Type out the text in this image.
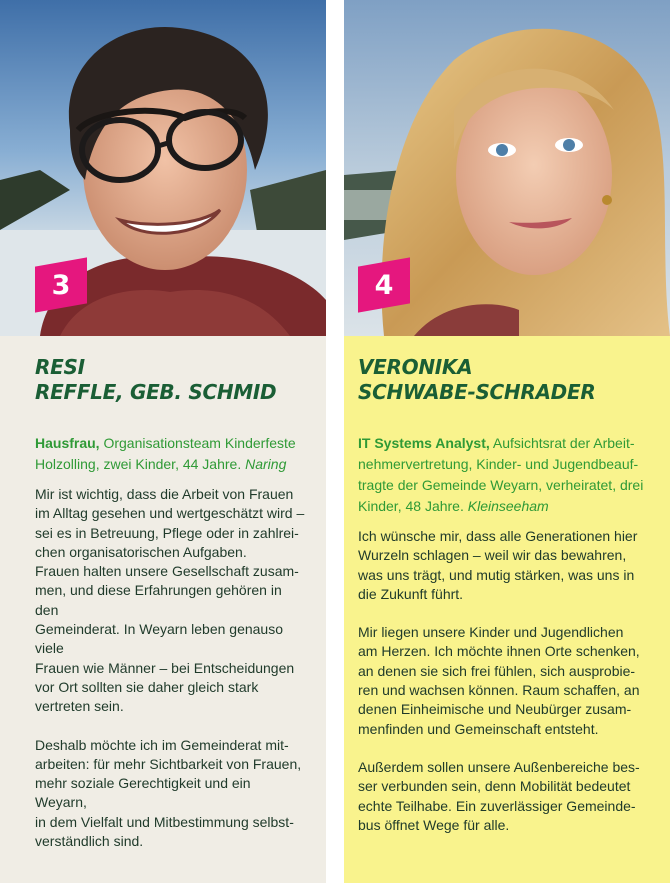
3
RESI
REFFLE, GEB. SCHMID
Hausfrau, Organisationsteam Kinderfeste Holzolling, zwei Kinder, 44 Jahre. Naring

Mir ist wichtig, dass die Arbeit von Frauen
im Alltag gesehen und wertgeschätzt wird –
sei es in Betreuung, Pflege oder in zahlrei-
chen organisatorischen Aufgaben.
Frauen halten unsere Gesellschaft zusam-
men, und diese Erfahrungen gehören in den
Gemeinderat. In Weyarn leben genauso viele
Frauen wie Männer – bei Entscheidungen
vor Ort sollten sie daher gleich stark
vertreten sein.

Deshalb möchte ich im Gemeinderat mit-
arbeiten: für mehr Sichtbarkeit von Frauen,
mehr soziale Gerechtigkeit und ein Weyarn,
in dem Vielfalt und Mitbestimmung selbst-
verständlich sind.

4
VERONIKA
SCHWABE-SCHRADER
IT Systems Analyst, Aufsichtsrat der Arbeit-nehmervertretung, Kinder- und Jugendbeauf-tragte der Gemeinde Weyarn, verheiratet, drei Kinder, 48 Jahre. Kleinseeham

Ich wünsche mir, dass alle Generationen hier
Wurzeln schlagen – weil wir das bewahren,
was uns trägt, und mutig stärken, was uns in
die Zukunft führt.

Mir liegen unsere Kinder und Jugendlichen
am Herzen. Ich möchte ihnen Orte schenken,
an denen sie sich frei fühlen, sich ausprobie-
ren und wachsen können. Raum schaffen, an
denen Einheimische und Neubürger zusam-
menfinden und Gemeinschaft entsteht.

Außerdem sollen unsere Außenbereiche bes-
ser verbunden sein, denn Mobilität bedeutet
echte Teilhabe. Ein zuverlässiger Gemeinde-
bus öffnet Wege für alle.
